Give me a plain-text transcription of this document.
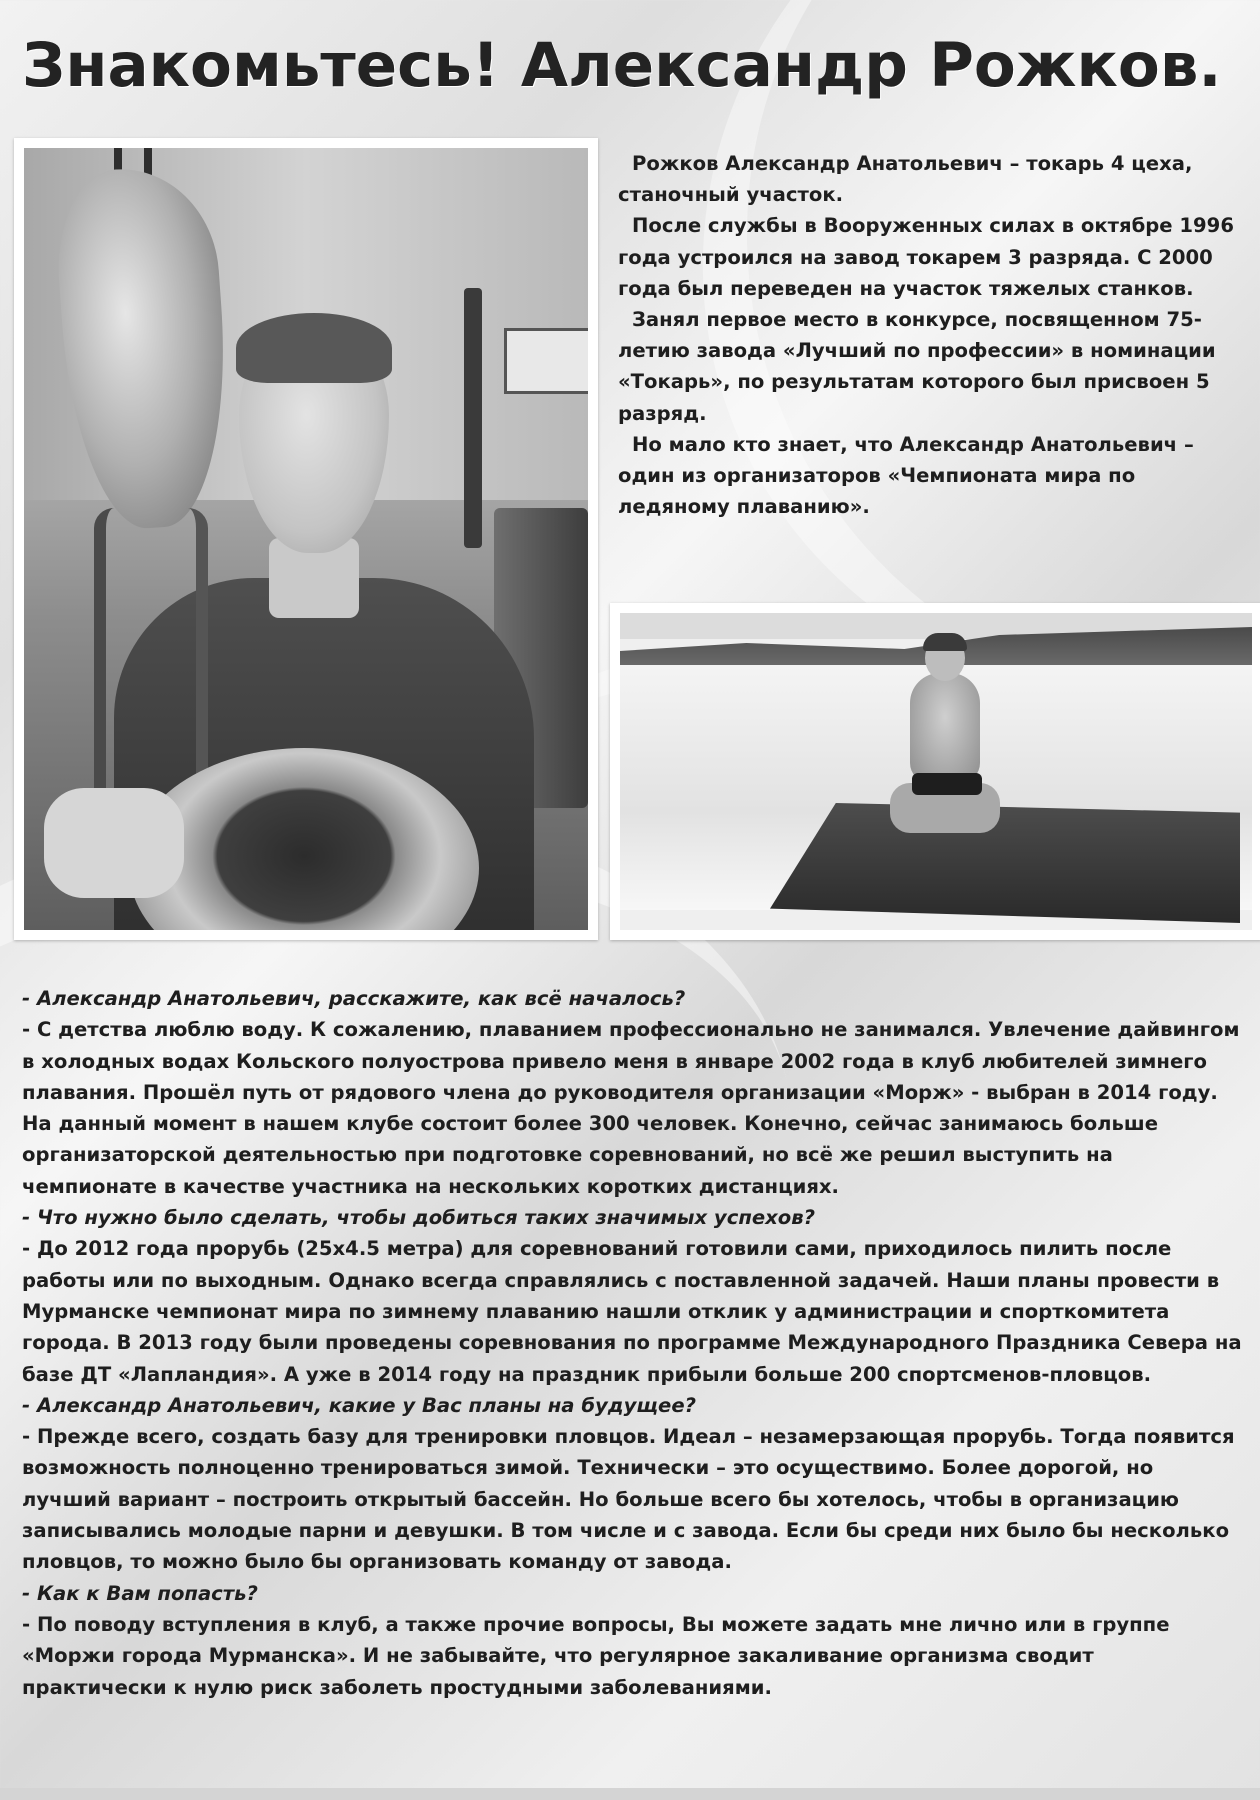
Знакомьтесь! Александр Рожков.

Рожков Александр Анатольевич – токарь 4 цеха, станочный участок.

После службы в Вооруженных силах в октябре 1996 года устроился на завод токарем 3 разряда. С 2000 года был переведен на участок тяжелых станков.

Занял первое место в конкурсе, посвященном 75-летию завода «Лучший по профессии» в номинации «Токарь», по результатам которого был присвоен 5 разряд.

Но мало кто знает, что Александр Анатольевич – один из организаторов «Чемпионата мира по ледяному плаванию».

- Александр Анатольевич, расскажите, как всё началось?

- С детства люблю воду. К сожалению, плаванием профессионально не занимался. Увлечение дайвингом в холодных водах Кольского полуострова привело меня в январе 2002 года в клуб любителей зимнего плавания. Прошёл путь от рядового члена до руководителя организации «Морж» - выбран в 2014 году. На данный момент в нашем клубе состоит более 300 человек. Конечно, сейчас занимаюсь больше организаторской деятельностью при подготовке соревнований, но всё же решил выступить на чемпионате в качестве участника на нескольких коротких дистанциях.

- Что нужно было сделать, чтобы добиться таких значимых успехов?

- До 2012 года прорубь (25х4.5 метра) для соревнований готовили сами, приходилось пилить после работы или по выходным. Однако всегда справлялись с поставленной задачей. Наши планы провести в Мурманске чемпионат мира по зимнему плаванию нашли отклик у администрации и спорткомитета города. В 2013 году были проведены соревнования по программе Международного Праздника Севера на базе ДТ «Лапландия». А уже в 2014 году на праздник прибыли больше 200 спортсменов-пловцов.

- Александр Анатольевич, какие у Вас планы на будущее?

- Прежде всего, создать базу для тренировки пловцов. Идеал – незамерзающая прорубь. Тогда появится возможность полноценно тренироваться зимой. Технически – это осуществимо. Более дорогой, но лучший вариант – построить открытый бассейн. Но больше всего бы хотелось, чтобы в организацию записывались молодые парни и девушки. В том числе и с завода. Если бы среди них было бы несколько пловцов, то можно было бы организовать команду от завода.

- Как к Вам попасть?

- По поводу вступления в клуб, а также прочие вопросы, Вы можете задать мне лично или в группе «Моржи города Мурманска». И не забывайте, что регулярное закаливание организма сводит практически к нулю риск заболеть простудными заболеваниями.
